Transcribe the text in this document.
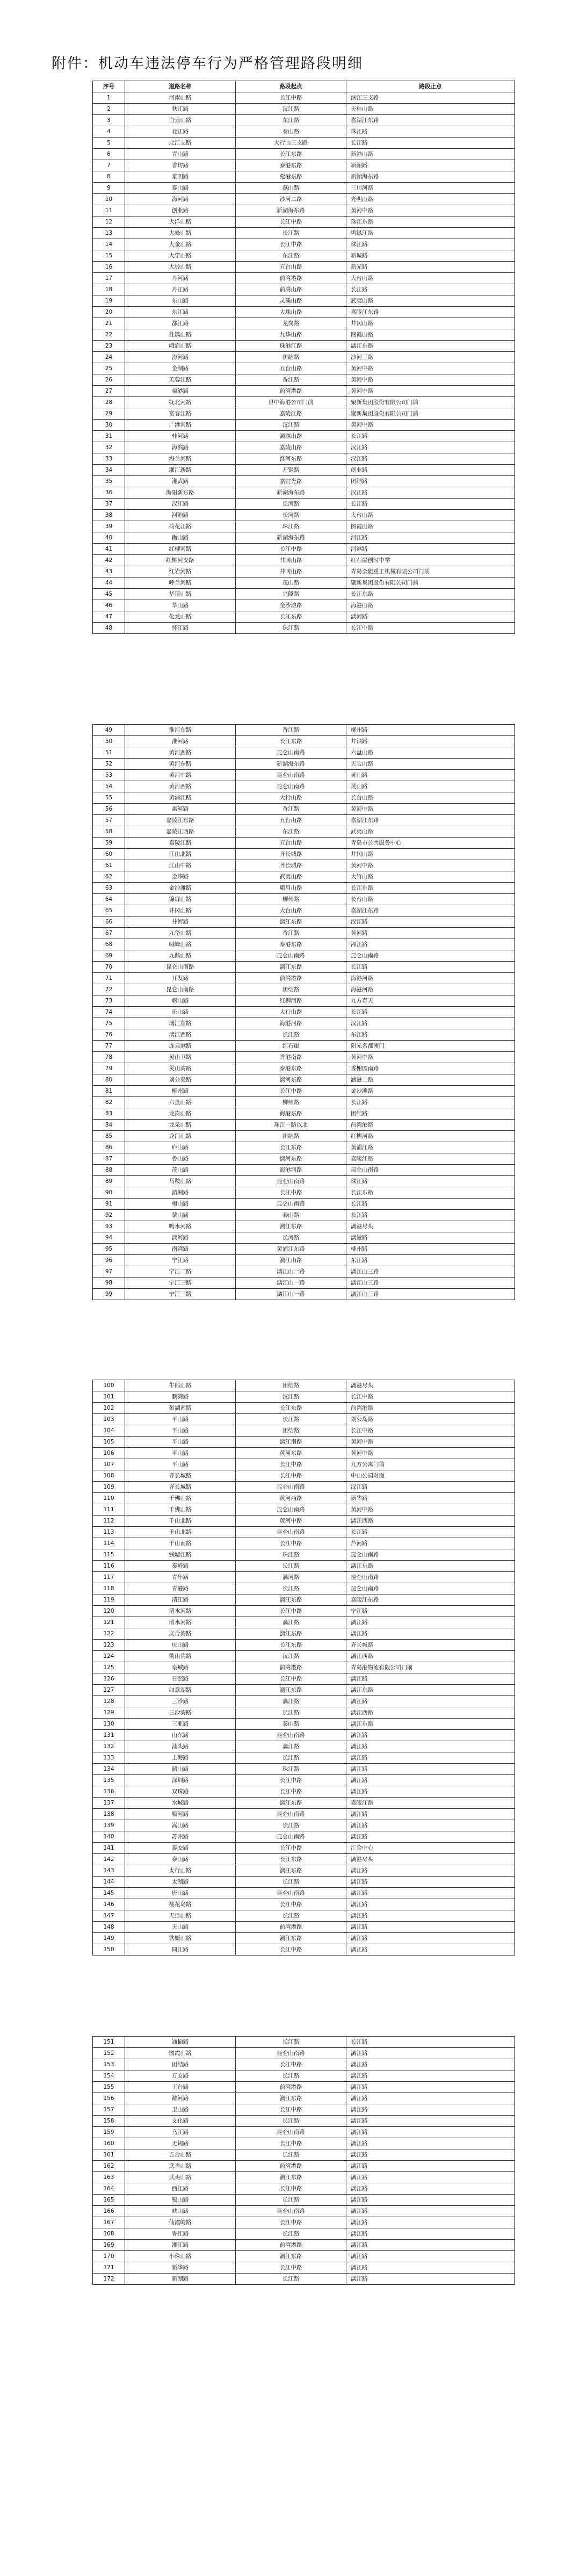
附件：机动车违法停车行为严格管理路段明细
序号	道路名称	路段起点	路段止点
1	河南山路	长江中路	滨江三支路
2	秋江路	汉江路	天桂山路
3	白云山路	东江路	嘉湖江东路
4	北江路	泰山路	珠江路
5	北江支路	大行山三支路	长江路
6	青山路	长江东路	新港山路
7	香坊路	泰港东路	新潮路
8	泰明路	彪港东路	新湖海东路
9	泰山路	燕山路	三川河路
10	海河路	沙河二路	光明山路
11	创业路	新湖海东路	黄河中路
12	大洋山路	长江中路	珠江东路
13	大峰山路	长江路	鸭绿江路
14	大金山路	长江中路	珠江路
15	大学山路	东江路	新城路
16	大坡山路	五台山路	新光路
17	丹河路	前湾港路	大台山路
18	丹江路	前湾山路	长江路
19	东山路	灵溪山路	武夷山路
20	东江路	大珠山路	嘉陵江东路
21	都江路	龙岗路	井冈山路
22	杜鹃山路	九华山路	图霞山路
23	峨眉山路	珠港江路	漓江东路
24	汾河路	团结路	沙河三路
25	金湖路	五台山路	黄河中路
26	芙蓉江路	香江路	黄河中路
27	福港路	前湾港路	黄河中路
28	抚北河路	世中海港公司门前	聚新集团股份有限公司门前
29	富春江路	嘉陵江路	聚新集团股份有限公司门前
30	广港河路	汉江路	黄河中路
31	桂河路	漓源山路	长江路
32	海滨路	嘉陵山路	汉江路
33	海兰河路	淮河东路	汉江路
34	湘江新路	开钢路	创业路
35	湘武路	嘉宜光路	团结路
36	海阳新东路	新湖海东路	汉江路
37	汉江路	长河路	长江路
38	河池路	长河路	大台山路
39	荷花江路	珠江路	图霞山路
40	衡山路	新湖海东路	河江路
41	红柳河路	长江中路	河港路
42	红柳河支路	井冈山路	红石崖创时中学
43	红岩河路	井冈山路	青岛全能重工机械有限公司门前
44	呼兰河路	茂山路	聚新集团股份有限公司门前
45	华顶山路	兴隆路	长江东路
46	华山路	金沙滩路	海港山路
47	化龙山路	长江东路	漓河路
48	怀江路	珠江路	长江中路
49	淮河东路	香江路	柳州路
50	淮河路	长江东路	井钢路
51	黄河西路	昆仑山南路	六盘山路
52	黄河东路	新湖海东路	天宝山路
53	黄河中路	昆仑山南路	灵山路
54	黄河西路	昆仑山南路	灵山路
55	黄浦江路	大行山路	长台山路
56	惠河路	香江路	黄河中路
57	嘉陵江东路	五台山路	嘉湖江东路
58	嘉陵江西路	东江路	武夷山路
59	嘉陵江路	五台山路	青岛市公共服务中心
60	江山北路	齐长城路	井冈山路
61	江山中路	齐长城路	黄河中路
62	金华路	武夷山路	大竹山路
63	金沙滩路	峨眉山路	长江东路
64	锦屏山路	柳州路	长台山路
65	井冈山路	大台山路	嘉湖江东路
66	井河路	漓江东路	汉江路
67	九华山路	香江路	黄河路
68	峨峰山路	泰港东路	湘江路
69	九鼎山路	昆仑山南路	昆仑山南路
70	昆仑山南路	漓江东路	长江路
71	开发路	前湾港路	海港河路
72	昆仑山南路	团结路	海港河路
73	崂山路	红柳河路	九方春天
74	乐山路	大行山路	长江路
75	漓江东路	海港河路	汉江路
76	漓江西路	长江路	东江路
77	连云港路	红石崖	阳光名都南门
78	灵山卫路	香港南路	黄河中路
79	灵山湾路	泰港东路	香榭园南路
80	刘公岛路	漓河东路	涵港二路
81	柳州路	长江中路	金沙滩路
82	六盘山路	柳州路	长江路
83	龙岗山路	海港东路	团结路
84	龙泉山路	珠江一路以北	前湾港路
85	龙门山路	团结路	红柳河路
86	庐山路	长江东路	黄浦江路
87	鲁山路	漓河东路	嘉陵江路
88	茂山路	海港河路	昆仑山南路
89	马鞍山路	昆仑山南路	珠江路
90	湄洲路	长江中路	长江东路
91	梅山路	昆仑山南路	长江路
92	蒙山路	泰山路	长江路
93	鸣水河路	漓江东路	漓港尽头
94	漓河路	长河路	漓港路
95	南湾路	黄浦江东路	柳州路
96	宁江路	漓江山路	东江路
97	宁江二路	漓江山一路	漓江山三路
98	宁江三路	漓江山一路	漓江山三路
99	宁江三路	漓江山一路	漓江山三路
100	牛郎山路	团结路	漓港尽头
101	鹏湾路	汉江路	长江中路
102	彭湖南路	长江东路	前湾港路
103	平山路	长江路	刘公岛路
104	平山路	团结路	长江中路
105	平山路	漓江南路	黄河中路
106	平山路	黄河东路	黄河中路
107	平山路	长江中路	九方公寓门前
108	齐长城路	长江中路	中山公园对面
109	齐长城路	昆仑山南路	汉江路
110	千佛山路	黄河西路	新华路
111	千佛山路	昆仑山南路	黄河中路
112	千山北路	黄河中路	漓江西路
113	千山北路	昆仑山南路	长江路
114	千山南路	长江中路	芦河路
115	钱塘江路	珠江路	昆仑山南路
116	秦岭路	长江路	漓江东路
117	青年路	漓河路	昆仑山南路
118	青港路	长江路	昆仑山南路
119	清江路	漓江东路	嘉陵江东路
120	清水河路	长江中路	宁江路
121	清水河路	漓江路	漓江路
122	庆合湾路	漓江东路	漓江路
123	庆山路	长江东路	齐长城路
124	衢山湾路	汉江路	漓江西路
125	泉城路	前湾港路	青岛港物流有限公司门前
126	日照路	长江中路	漓江路
127	如意湖路	漓江东路	漓江东路
128	三沙路	漓江路	漓江路
129	三沙湾路	长江路	漓江西路
130	三亚路	泰山路	漓江东路
131	山东路	昆仑山南路	漓江路
132	汕头路	漓江路	漓江路
133	上海路	长江路	漓江路
134	韶山路	珠江路	漓江路
135	深圳路	长江中路	漓江路
136	双珠路	长江中路	漓江路
137	水城路	漓江东路	嘉陵江路
138	顺河路	昆仑山南路	漓江路
139	嵩山路	长江路	漓江路
140	苏州路	昆仑山南路	漓江路
141	泰安路	长江中路	汇金中心
142	泰山路	长江东路	漓港尽头
143	太行山路	漓江东路	漓江路
144	太湖路	长江路	漓江路
145	唐山路	昆仑山南路	漓江路
146	桃花岛路	长江中路	漓江路
147	天目山路	长江路	漓江路
148	天山路	前湾港路	漓江路
149	铁橛山路	漓江东路	漓江路
150	同江路	长江中路	漓江路
151	通榆路	长江路	长江路
152	图霞山路	昆仑山南路	漓江路
153	团结路	长江中路	漓江路
154	万安路	长江路	漓江路
155	王台路	前湾港路	漓江路
156	潍河路	漓江东路	漓江路
157	卫山路	长江中路	漓江路
158	文化路	长江路	漓江路
159	乌江路	昆仑山南路	漓江路
160	无锡路	长江中路	漓江路
161	五台山路	长江路	漓江路
162	武当山路	前湾港路	漓江路
163	武夷山路	漓江东路	漓江路
164	西江路	长江中路	漓江路
165	锡山路	长江路	漓江路
166	峡山路	昆仑山南路	漓江路
167	仙霞岭路	长江中路	漓江路
168	香江路	长江路	漓江路
169	湘江路	前湾港路	漓江路
170	小珠山路	漓江东路	漓江路
171	新华路	长江中路	漓江路
172	新湖路	长江路	漓江路
